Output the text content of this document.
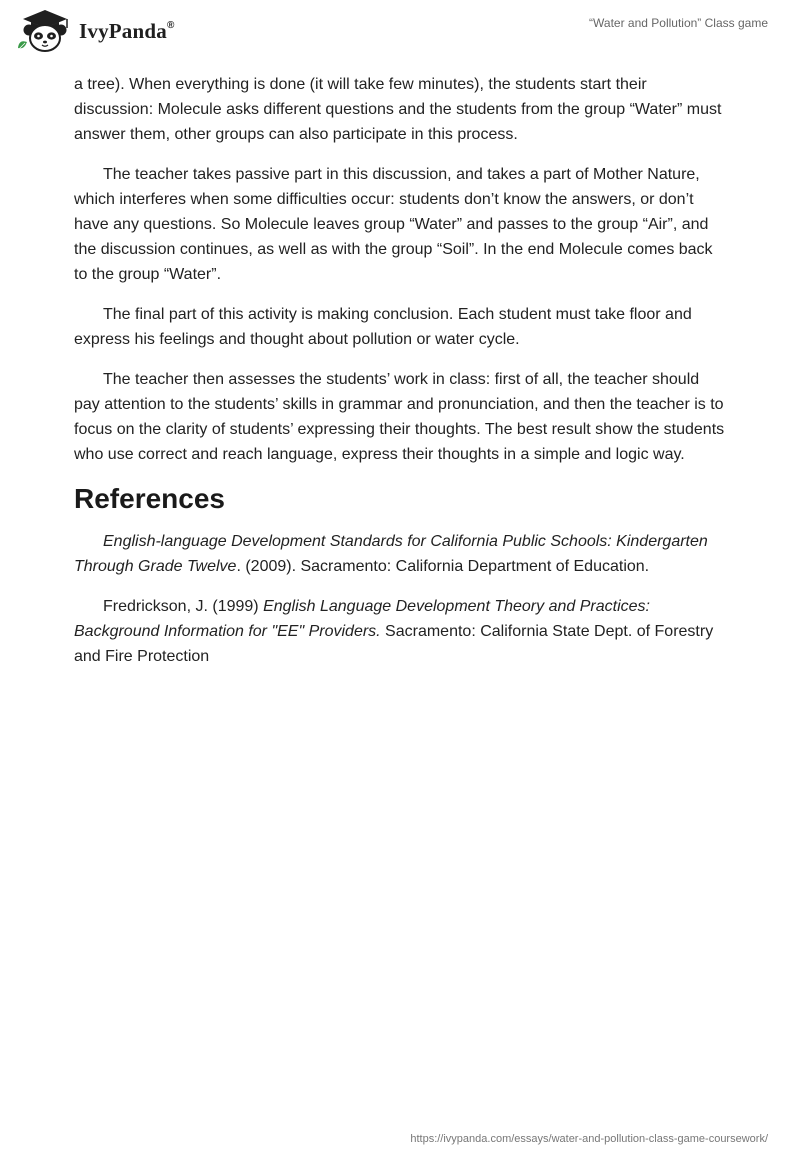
IvyPanda®	“Water and Pollution” Class game

a tree). When everything is done (it will take few minutes), the students start their discussion: Molecule asks different questions and the students from the group “Water” must answer them, other groups can also participate in this process.

The teacher takes passive part in this discussion, and takes a part of Mother Nature, which interferes when some difficulties occur: students don’t know the answers, or don’t have any questions. So Molecule leaves group “Water” and passes to the group “Air”, and the discussion continues, as well as with the group “Soil”. In the end Molecule comes back to the group “Water”.

The final part of this activity is making conclusion. Each student must take floor and express his feelings and thought about pollution or water cycle.

The teacher then assesses the students’ work in class: first of all, the teacher should pay attention to the students’ skills in grammar and pronunciation, and then the teacher is to focus on the clarity of students’ expressing their thoughts. The best result show the students who use correct and reach language, express their thoughts in a simple and logic way.

References

English-language Development Standards for California Public Schools: Kindergarten Through Grade Twelve. (2009). Sacramento: California Department of Education.

Fredrickson, J. (1999) English Language Development Theory and Practices: Background Information for "EE" Providers. Sacramento: California State Dept. of Forestry and Fire Protection

https://ivypanda.com/essays/water-and-pollution-class-game-coursework/
